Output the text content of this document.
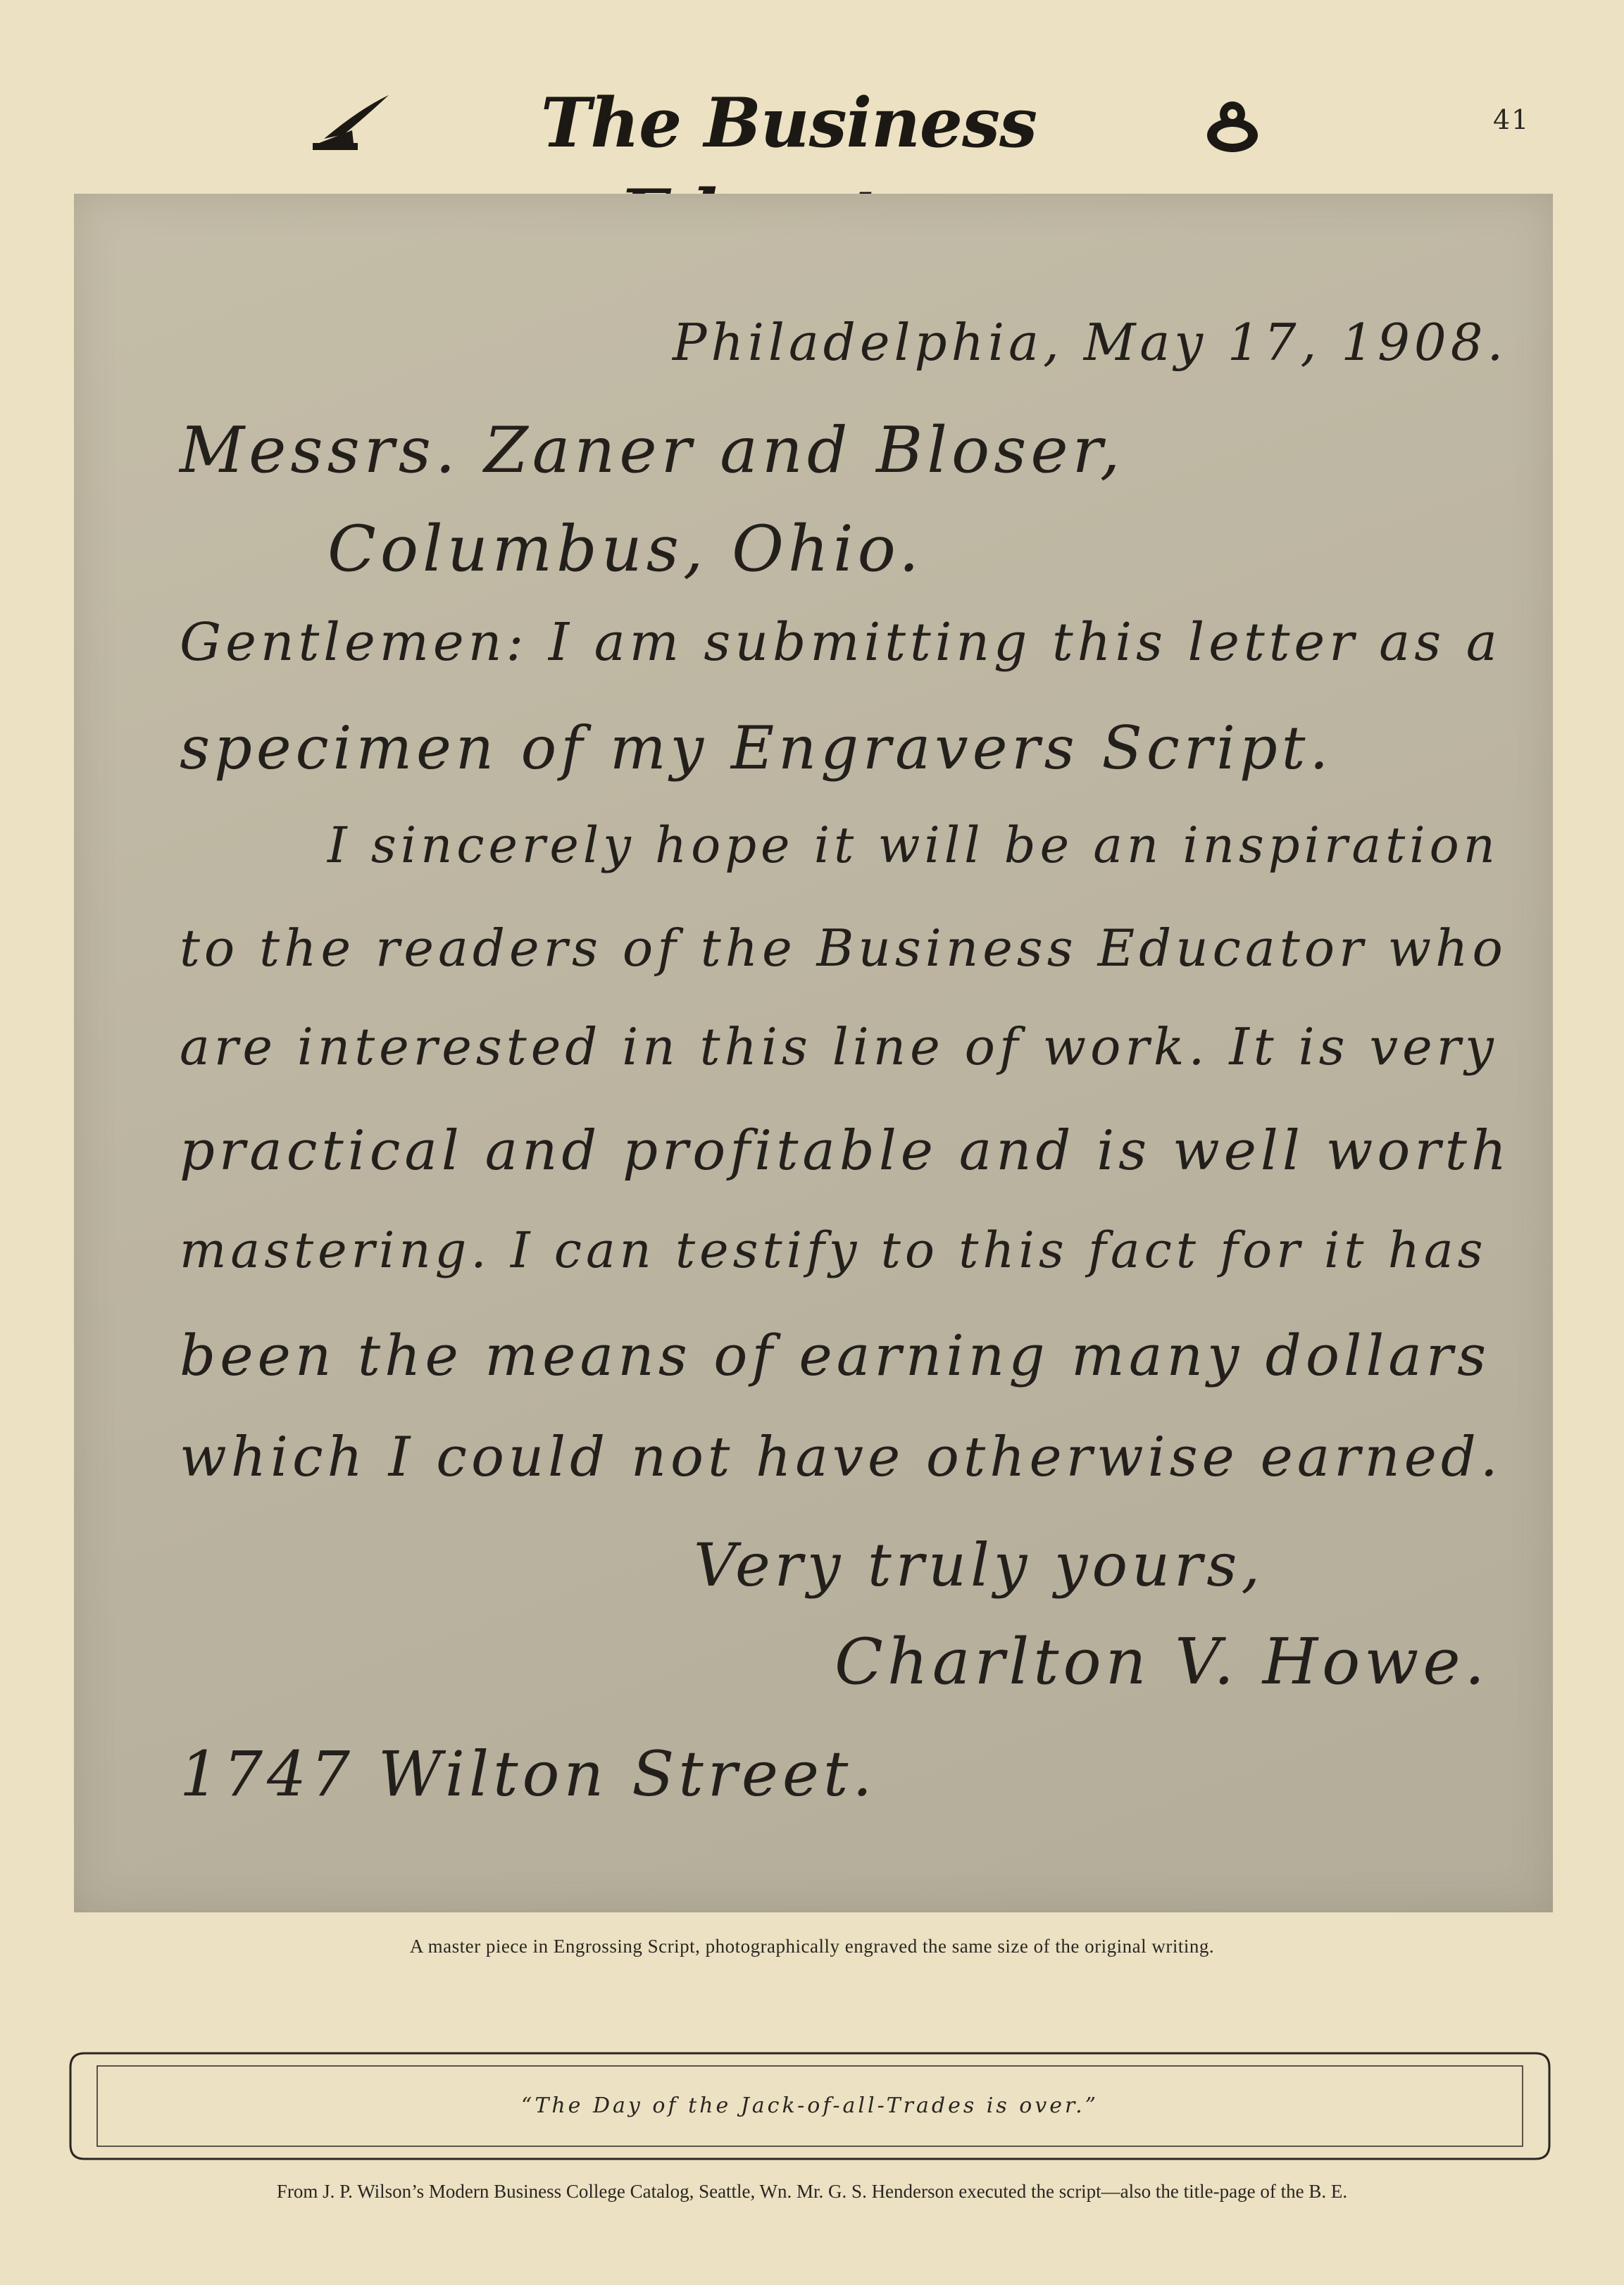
The Business	41
Philadelphia, May 17, 1908.
Messrs. Zaner and Bloser,
Columbus, Ohio.
Gentlemen: I am submitting this letter as a
specimen of my Engravers Script.
I sincerely hope it will be an inspiration
to the readers of the Business Educator who
are interested in this line of work. It is very
practical and profitable and is well worth
mastering. I can testify to this fact for it has
been the means of earning many dollars
which I could not have otherwise earned.
Very truly yours,
Charlton V. Howe.
1747 Wilton Street.
A master piece in Engrossing Script, photographically engraved the same size of the original writing.
“The Day of the Jack-of-all-Trades is over.”
From J. P. Wilson’s Modern Business College Catalog, Seattle, Wn. Mr. G. S. Henderson executed the script—also the title-page of the B. E.
